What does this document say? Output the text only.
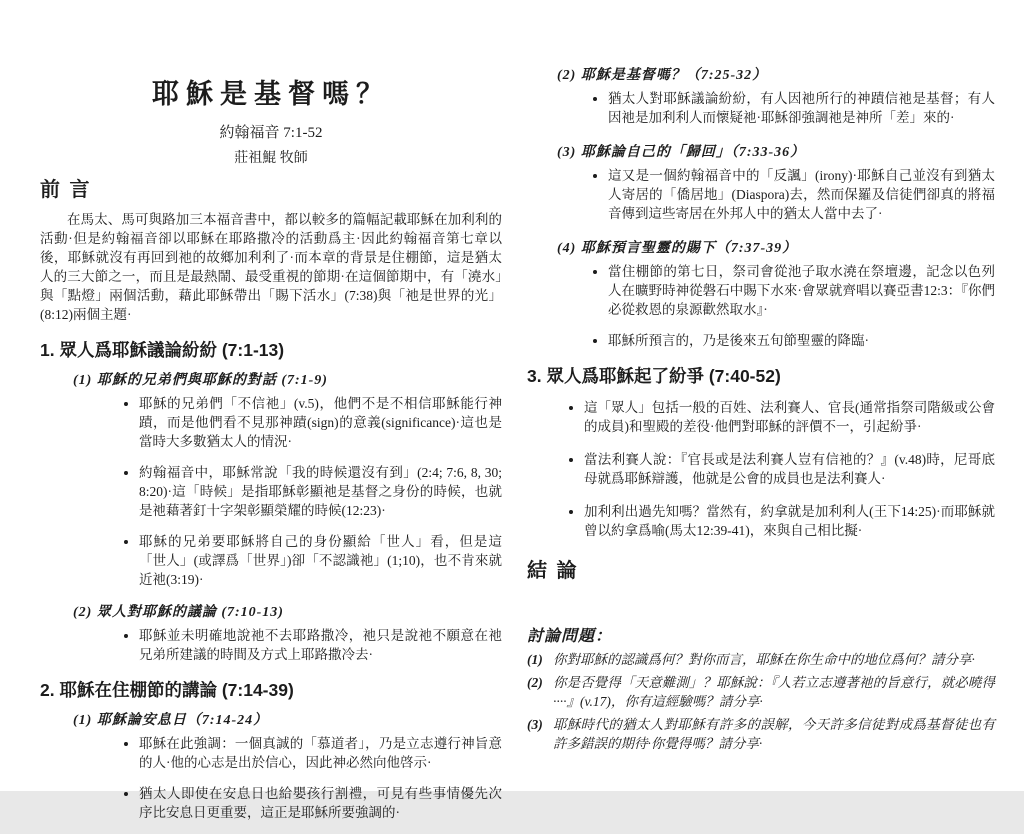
耶穌是基督嗎？
約翰福音 7:1-52
莊祖鯤 牧師
前 言

在馬太、馬可與路加三本福音書中，都以較多的篇幅記載耶穌在加利利的活動·但是約翰福音卻以耶穌在耶路撒冷的活動爲主·因此約翰福音第七章以後，耶穌就沒有再回到祂的故鄉加利利了·而本章的背景是住棚節，這是猶太人的三大節之一，而且是最熱鬧、最受重視的節期·在這個節期中，有「澆水」與「點燈」兩個活動，藉此耶穌帶出「賜下活水」(7:38)與「祂是世界的光」(8:12)兩個主題·

1. 眾人爲耶穌議論紛紛 (7:1-13)
(1) 耶穌的兄弟們與耶穌的對話 (7:1-9)
• 耶穌的兄弟們「不信祂」(v.5)，他們不是不相信耶穌能行神蹟，而是他們看不見那神蹟(sign)的意義(significance)·這也是當時大多數猶太人的情況·
• 約翰福音中，耶穌常說「我的時候還沒有到」(2:4; 7:6, 8, 30; 8:20)·這「時候」是指耶穌彰顯祂是基督之身份的時候，也就是祂藉著釘十字架彰顯榮耀的時候(12:23)·
• 耶穌的兄弟要耶穌將自己的身份顯給「世人」看，但是這「世人」(或譯爲「世界」)卻「不認識祂」(1;10)，也不肯來就近祂(3:19)·
(2) 眾人對耶穌的議論 (7:10-13)
• 耶穌並未明確地說祂不去耶路撒冷，祂只是說祂不願意在祂兄弟所建議的時間及方式上耶路撒冷去·
2. 耶穌在住棚節的講論 (7:14-39)
(1) 耶穌論安息日（7:14-24）
• 耶穌在此強調：一個真誠的「慕道者」，乃是立志遵行神旨意的人·他的心志是出於信心，因此神必然向他啓示·
• 猶太人即使在安息日也給嬰孩行割禮，可見有些事情優先次序比安息日更重要，這正是耶穌所要強調的·
(2) 耶穌是基督嗎？（7:25-32）
• 猶太人對耶穌議論紛紛，有人因祂所行的神蹟信祂是基督；有人因祂是加利利人而懷疑祂·耶穌卻強調祂是神所「差」來的·
(3) 耶穌論自己的「歸回」（7:33-36）
• 這又是一個約翰福音中的「反諷」(irony)·耶穌自己並沒有到猶太人寄居的「僑居地」(Diaspora)去，然而保羅及信徒們卻真的將福音傳到這些寄居在外邦人中的猶太人當中去了·
(4) 耶穌預言聖靈的賜下（7:37-39）
• 當住棚節的第七日，祭司會從池子取水澆在祭壇邊，記念以色列人在曠野時神從磐石中賜下水來·會眾就齊唱以賽亞書12:3：『你們必從救恩的泉源歡然取水』·
• 耶穌所預言的，乃是後來五旬節聖靈的降臨·
3. 眾人爲耶穌起了紛爭 (7:40-52)
• 這「眾人」包括一般的百姓、法利賽人、官長(通常指祭司階級或公會的成員)和聖殿的差役·他們對耶穌的評價不一，引起紛爭·
• 當法利賽人說：『官長或是法利賽人豈有信祂的？』(v.48)時，尼哥底母就爲耶穌辯護，他就是公會的成員也是法利賽人·
• 加利利出過先知嗎？當然有，約拿就是加利利人(王下14:25)·而耶穌就曾以約拿爲喻(馬太12:39-41)，來與自己相比擬·
結 論
討論問題：
(1) 你對耶穌的認識爲何？對你而言，耶穌在你生命中的地位爲何？請分享·
(2) 你是否覺得「天意難測」？耶穌說：『人若立志遵著祂的旨意行，就必曉得····』(v.17)，你有這經驗嗎？請分享·
(3) 耶穌時代的猶太人對耶穌有許多的誤解，今天許多信徒對成爲基督徒也有許多錯誤的期待·你覺得嗎？請分享·
